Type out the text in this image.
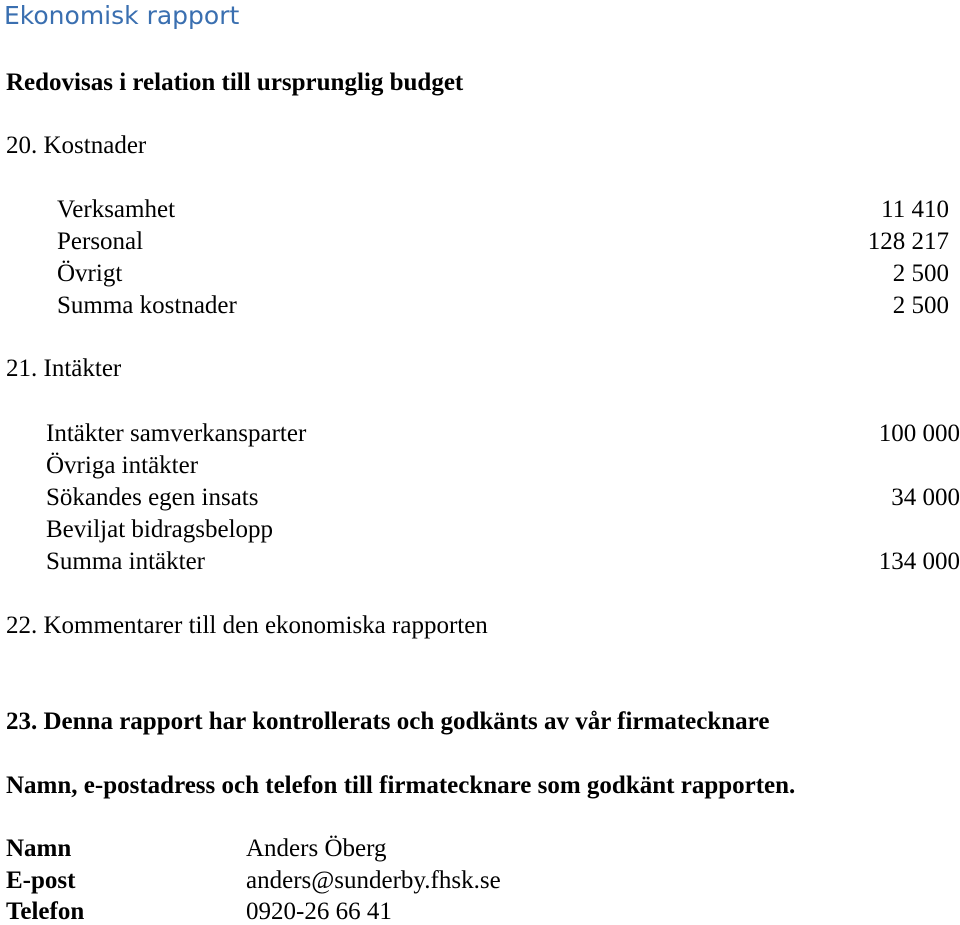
Ekonomisk rapport
Redovisas i relation till ursprunglig budget
20. Kostnader
Verksamhet	11 410
Personal	128 217
Övrigt	2 500
Summa kostnader	2 500
21. Intäkter
Intäkter samverkansparter	100 000
Övriga intäkter
Sökandes egen insats	34 000
Beviljat bidragsbelopp
Summa intäkter	134 000
22. Kommentarer till den ekonomiska rapporten
23. Denna rapport har kontrollerats och godkänts av vår firmatecknare
Namn, e-postadress och telefon till firmatecknare som godkänt rapporten.
Namn	Anders Öberg
E-post	anders@sunderby.fhsk.se
Telefon	0920-26 66 41
